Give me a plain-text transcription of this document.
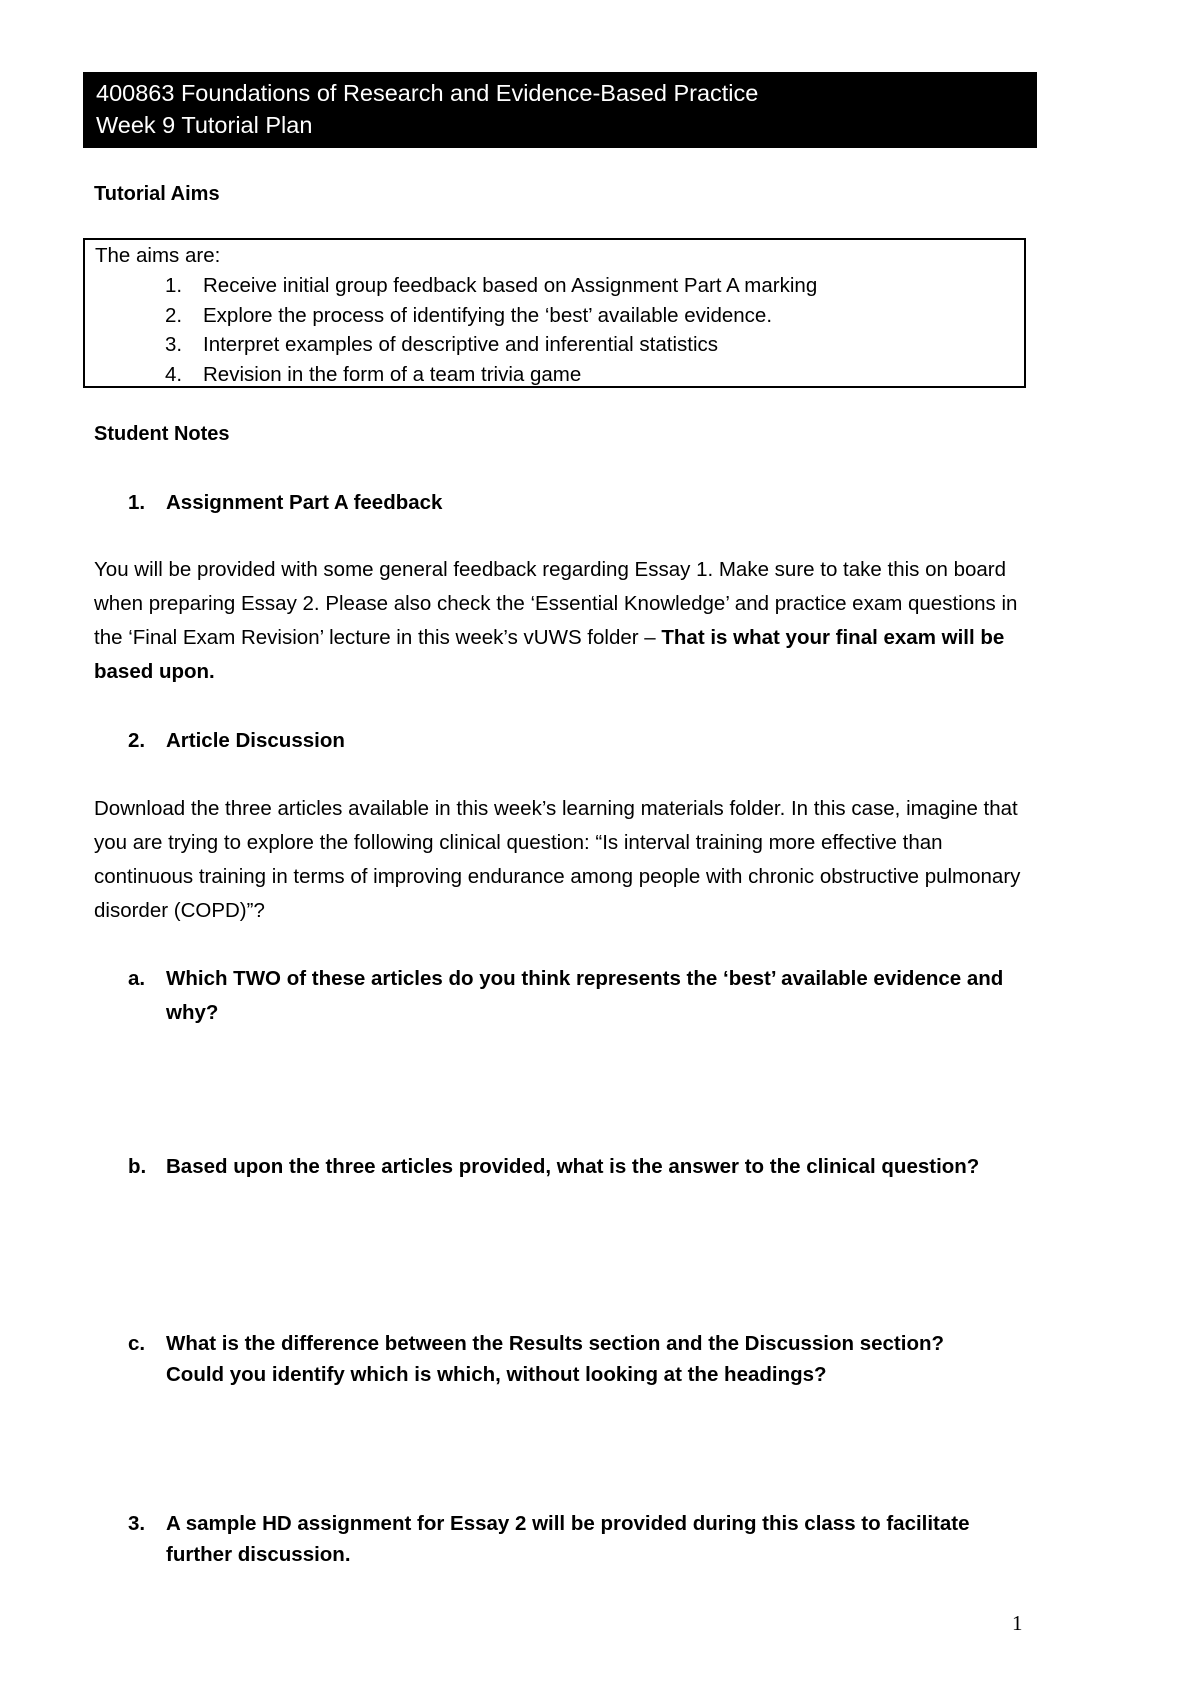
400863 Foundations of Research and Evidence-Based Practice
Week 9 Tutorial Plan
Tutorial Aims
The aims are:
1. Receive initial group feedback based on Assignment Part A marking
2. Explore the process of identifying the ‘best’ available evidence.
3. Interpret examples of descriptive and inferential statistics
4. Revision in the form of a team trivia game
Student Notes
1. Assignment Part A feedback
You will be provided with some general feedback regarding Essay 1. Make sure to take this on board when preparing Essay 2. Please also check the ‘Essential Knowledge’ and practice exam questions in the ‘Final Exam Revision’ lecture in this week’s vUWS folder – That is what your final exam will be based upon.
2. Article Discussion
Download the three articles available in this week’s learning materials folder. In this case, imagine that you are trying to explore the following clinical question: “Is interval training more effective than continuous training in terms of improving endurance among people with chronic obstructive pulmonary disorder (COPD)”?
a. Which TWO of these articles do you think represents the ‘best’ available evidence and why?
b. Based upon the three articles provided, what is the answer to the clinical question?
c. What is the difference between the Results section and the Discussion section?
Could you identify which is which, without looking at the headings?
3. A sample HD assignment for Essay 2 will be provided during this class to facilitate further discussion.
1
